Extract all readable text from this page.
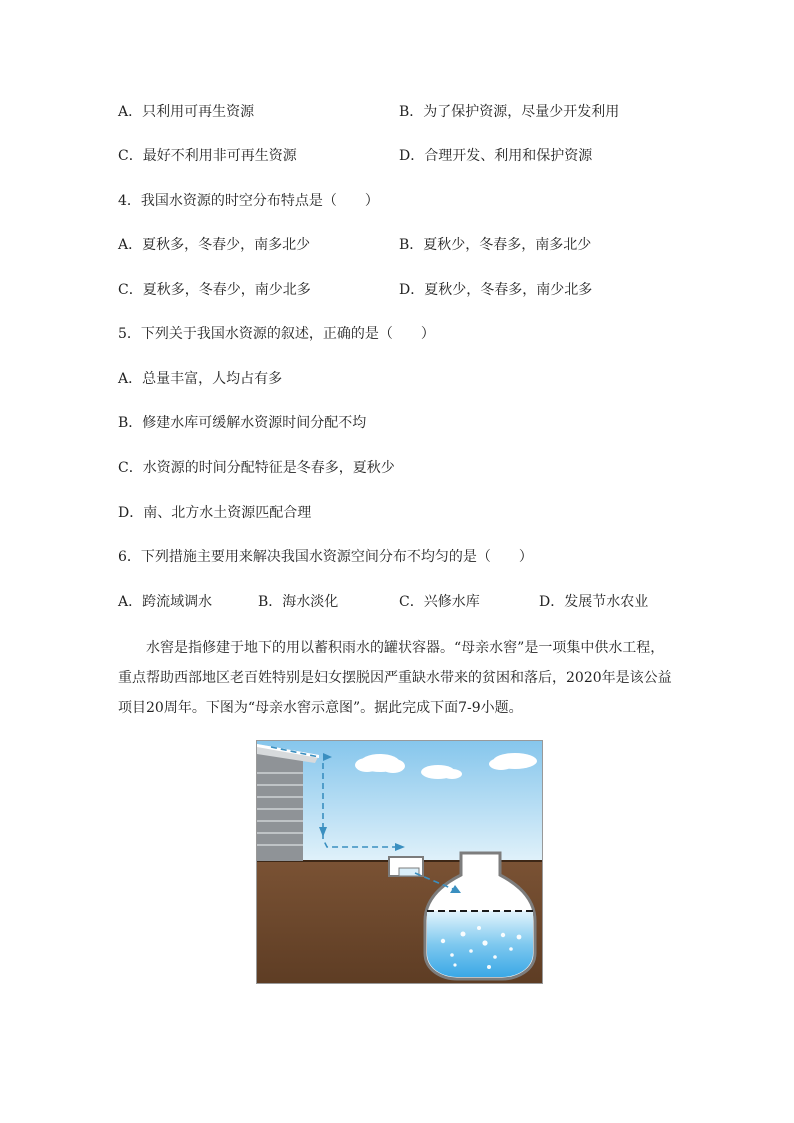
A．只利用可再生资源	B．为了保护资源，尽量少开发利用
C．最好不利用非可再生资源	D．合理开发、利用和保护资源
4．我国水资源的时空分布特点是（　　）
A．夏秋多，冬春少，南多北少	B．夏秋少，冬春多，南多北少
C．夏秋多，冬春少，南少北多	D．夏秋少，冬春多，南少北多
5．下列关于我国水资源的叙述，正确的是（　　）
A．总量丰富，人均占有多
B．修建水库可缓解水资源时间分配不均
C．水资源的时间分配特征是冬春多，夏秋少
D．南、北方水土资源匹配合理
6．下列措施主要用来解决我国水资源空间分布不均匀的是（　　）
A．跨流域调水	B．海水淡化	C．兴修水库	D．发展节水农业

水窖是指修建于地下的用以蓄积雨水的罐状容器。“母亲水窖”是一项集中供水工程，重点帮助西部地区老百姓特别是妇女摆脱因严重缺水带来的贫困和落后，2020年是该公益项目20周年。下图为“母亲水窖示意图”。据此完成下面7-9小题。
